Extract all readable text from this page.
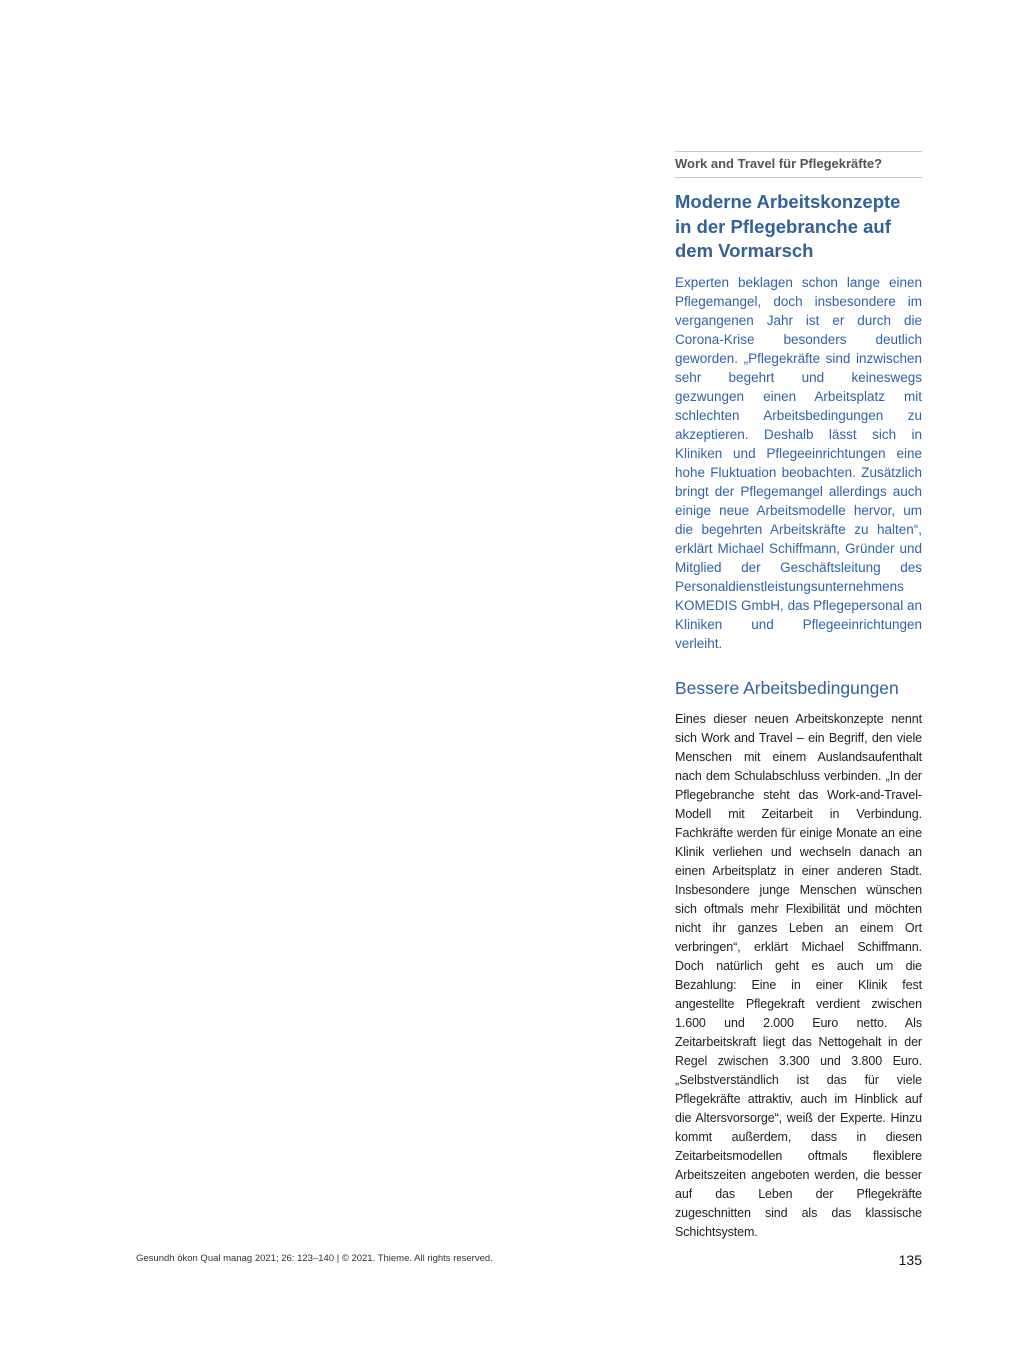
Work and Travel für Pflegekräfte?
Moderne Arbeitskonzepte in der Pflegebranche auf dem Vormarsch

Experten beklagen schon lange einen Pflegemangel, doch insbesondere im vergangenen Jahr ist er durch die Corona-Krise besonders deutlich geworden. „Pflegekräfte sind inzwischen sehr begehrt und keineswegs gezwungen einen Arbeitsplatz mit schlechten Arbeitsbedingungen zu akzeptieren. Deshalb lässt sich in Kliniken und Pflegeeinrichtungen eine hohe Fluktuation beobachten. Zusätzlich bringt der Pflegemangel allerdings auch einige neue Arbeitsmodelle hervor, um die begehrten Arbeitskräfte zu halten“, erklärt Michael Schiffmann, Gründer und Mitglied der Geschäftsleitung des Personaldienstleistungsunternehmens KOMEDIS GmbH, das Pflegepersonal an Kliniken und Pflegeeinrichtungen verleiht.

Bessere Arbeitsbedingungen

Eines dieser neuen Arbeitskonzepte nennt sich Work and Travel – ein Begriff, den viele Menschen mit einem Auslandsaufenthalt nach dem Schulabschluss verbinden. „In der Pflegebranche steht das Work-and-Travel-Modell mit Zeitarbeit in Verbindung. Fachkräfte werden für einige Monate an eine Klinik verliehen und wechseln danach an einen Arbeitsplatz in einer anderen Stadt. Insbesondere junge Menschen wünschen sich oftmals mehr Flexibilität und möchten nicht ihr ganzes Leben an einem Ort verbringen“, erklärt Michael Schiffmann. Doch natürlich geht es auch um die Bezahlung: Eine in einer Klinik fest angestellte Pflegekraft verdient zwischen 1.600 und 2.000 Euro netto. Als Zeitarbeitskraft liegt das Nettogehalt in der Regel zwischen 3.300 und 3.800 Euro. „Selbstverständlich ist das für viele Pflegekräfte attraktiv, auch im Hinblick auf die Altersvorsorge“, weiß der Experte. Hinzu kommt außerdem, dass in diesen Zeitarbeitsmodellen oftmals flexiblere Arbeitszeiten angeboten werden, die besser auf das Leben der Pflegekräfte zugeschnitten sind als das klassische Schichtsystem.

Gesundh ökon Qual manag 2021; 26: 123–140 | © 2021. Thieme. All rights reserved.	135
